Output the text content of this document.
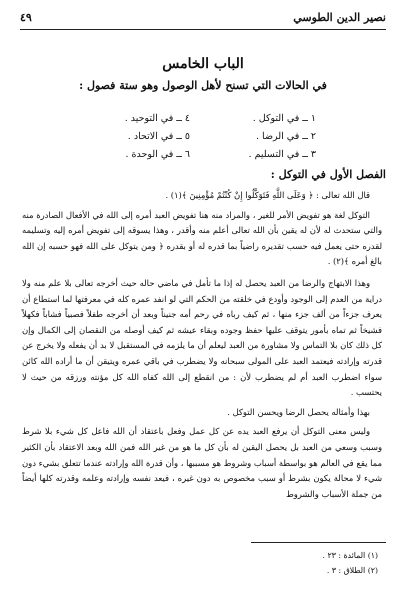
نصير الدين الطوسي
٤٩
الباب الخامس
في الحالات التي تسنح لأهل الوصول وهو ستة فصول :
١ ــ في التوكل .
٢ ــ في الرضا .
٣ ــ في التسليم .
٤ ــ في التوحيد .
٥ ــ في الاتحاد .
٦ ــ في الوحدة .
الفصل الأول في التوكل :

قال الله تعالى : ﴿ وَعَلَى اللَّهِ فَتَوَكَّلُوا إِنْ كُنْتُمْ مُؤْمِنِينَ ﴾(١) .

التوكل لغة هو تفويض الأمر للغير ، والمراد منه هنا تفويض العبد أمره إلى الله في الأفعال الصادرة منه والتي ستحدث له لأن له يقين بأن الله تعالى أعلم منه وأقدر ، وهذا يسوقه إلى تفويض أمره إليه وتسليمه لقدره حتى يعمل فيه حسب تقديره راضياً بما قدره له أو بقدره ﴿ ومن يتوكل على الله فهو حسبه إن الله بالغ أمره ﴾(٢) .

وهذا الابتهاج والرضا من العبد يحصل له إذا ما تأمل في ماضي حاله حيث أخرجه تعالى بلا علم منه ولا دراية من العدم إلى الوجود وأودع في خلقته من الحكم التي لو انفد عمره كله في معرفتها لما استطاع أن يعرف جزءاً من ألف جزء منها ، ثم كيف رباه في رحم أمه جنيناً وبعد أن أخرجه طفلاً فصبياً فشاباً فكهلاً فشيخاً ثم تماه بأمور يتوقف عليها حفظ وجوده وبقاء عيشه ثم كيف أوصله من النقصان إلى الكمال وإن كل ذلك كان بلا التماس ولا مشاورة من العبد ليعلم أن ما يلزمه في المستقبل لا بد أن يفعله ولا يخرج عن قدرته وإرادته فيعتمد العبد على المولى سبحانه ولا يضطرب في باقي عمره ويتيقن أن ما أراده الله كائن سواء اضطرب العبد أم لم يضطرب لأن : من انقطع إلى الله كفاه الله كل مؤنته ورزقه من حيث لا يحتسب .

بهذا وأمثاله يحصل الرضا ويحسن التوكل .

وليس معنى التوكل أن يرفع العبد يده عن كل عمل وفعل باعتقاد أن الله فاعل كل شيء بلا شرط وسبب وسعي من العبد بل يحصل اليقين له بأن كل ما هو من غير الله فمن الله وبعد الاعتقاد بأن الكثير مما يقع في العالم هو بواسطة أسباب وشروط هو مسببها ، وأن قدرة الله وإرادته عندما تتعلق بشيء دون شيء لا محالة يكون بشرط أو سبب مخصوص به دون غيره ، فيعد نفسه وإرادته وعلمه وقدرته كلها أيضاً من جملة الأسباب والشروط

(١) المائدة : ٢٣ .
(٢) الطلاق : ٣ .
